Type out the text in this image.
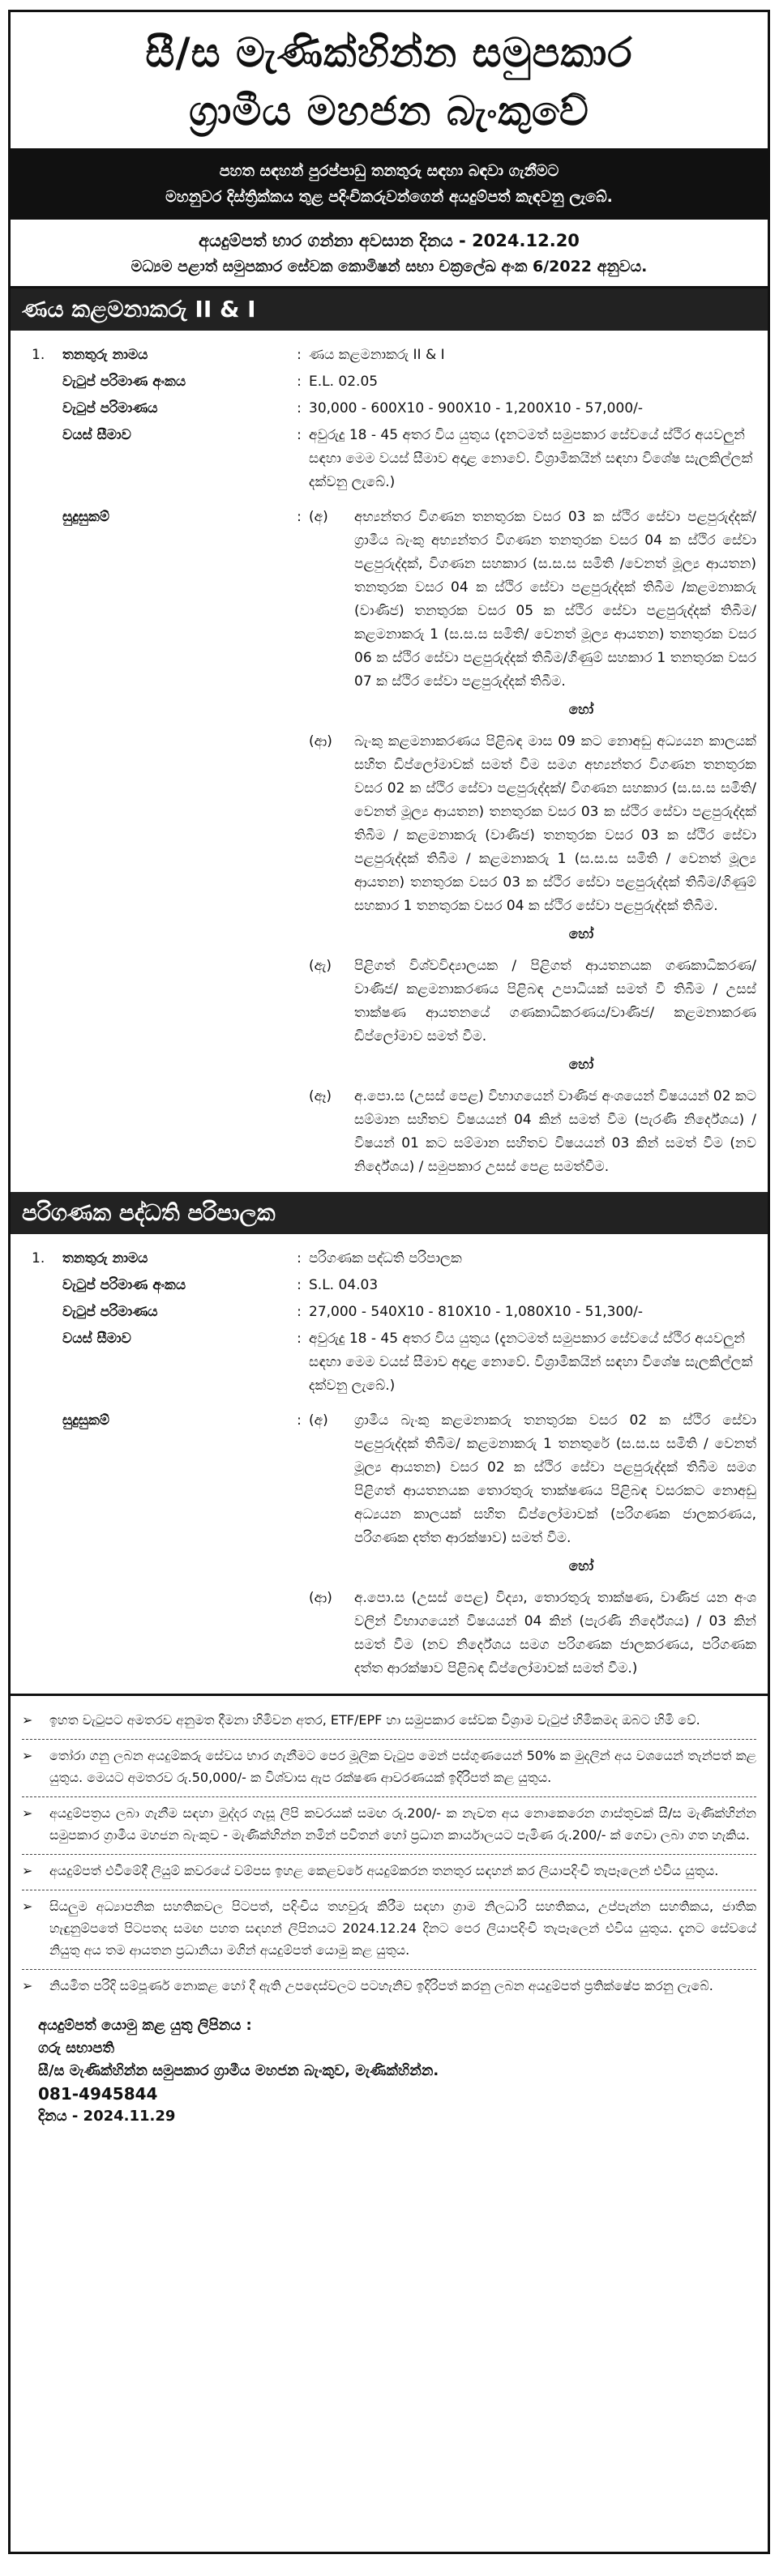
සී/ස මැණික්හින්න සමුපකාර
ග්‍රාමීය මහජන බැංකුවේ
පහත සඳහන් පුරප්පාඩු තනතුරු සඳහා බඳවා ගැනීමට
මහනුවර දිස්ත්‍රික්කය තුළ පදිංචිකරුවන්ගෙන් අයදුම්පත් කැඳවනු ලැබේ.
අයදුම්පත් භාර ගන්නා අවසාන දිනය - 2024.12.20
මධ්‍යම පළාත් සමුපකාර සේවක කොමිෂන් සභා චක්‍රලේඛ අංක 6/2022 අනුවය.
ණය කළමනාකරු II & I
1.	තනතුරු නාමය	: ණය කළමනාකරු II & I
වැටුප් පරිමාණ අංකය	: E.L. 02.05
වැටුප් පරිමාණය	: 30,000 - 600X10 - 900X10 - 1,200X10 - 57,000/-
වයස් සීමාව	: අවුරුදු 18 - 45 අතර විය යුතුය (දැනටමත් සමුපකාර සේවයේ ස්ථිර අයවලුන් සඳහා මෙම වයස් සීමාව අදාළ නොවේ. විශ්‍රාමිකයින් සඳහා විශේෂ සැලකිල්ලක් දක්වනු ලැබේ.)
සුදුසුකම්	: (අ)	අභ්‍යන්තර විගණන තනතුරක වසර 03 ක ස්ථිර සේවා පළපුරුද්දක්/ ග්‍රාමීය බැංකු අභ්‍යන්තර විගණන තනතුරක වසර 04 ක ස්ථිර සේවා පළපුරුද්දක්, විගණන සහකාර (ස.ස.ස සමිති /වෙනත් මූල්‍ය ආයතන) තනතුරක වසර 04 ක ස්ථිර සේවා පළපුරුද්දක් තිබීම /කළමනාකරු (වාණිජ) තනතුරක වසර 05 ක ස්ථිර සේවා පළපුරුද්දක් තිබීම/ කළමනාකරු 1 (ස.ස.ස සමිති/ වෙනත් මූල්‍ය ආයතන) තනතුරක වසර 06 ක ස්ථිර සේවා පළපුරුද්දක් තිබීම/ගිණුම් සහකාර 1 තනතුරක වසර 07 ක ස්ථිර සේවා පළපුරුද්දක් තිබීම.
හෝ
(ආ)	බැංකු කළමනාකරණය පිළිබඳ මාස 09 කට නොඅඩු අධ්‍යයන කාලයක් සහිත ඩිප්ලෝමාවක් සමත් වීම සමග අභ්‍යන්තර විගණන තනතුරක වසර 02 ක ස්ථිර සේවා පළපුරුද්දක්/ විගණන සහකාර (ස.ස.ස සමිති/වෙනත් මූල්‍ය ආයතන) තනතුරක වසර 03 ක ස්ථිර සේවා පළපුරුද්දක් තිබීම / කළමනාකරු (වාණිජ) තනතුරක වසර 03 ක ස්ථිර සේවා පළපුරුද්දක් තිබීම / කළමනාකරු 1 (ස.ස.ස සමිති / වෙනත් මූල්‍ය ආයතන) තනතුරක වසර 03 ක ස්ථිර සේවා පළපුරුද්දක් තිබීම/ගිණුම් සහකාර 1 තනතුරක වසර 04 ක ස්ථිර සේවා පළපුරුද්දක් තිබීම.
හෝ
(ඇ)	පිළිගත් විශ්වවිද්‍යාලයක / පිළිගත් ආයතනයක ගණකාධිකරණ/ වාණිජ/ කළමනාකරණය පිළිබඳ උපාධියක් සමත් වී තිබීම / උසස් තාක්ෂණ ආයතනයේ ගණකාධිකරණය/වාණිජ/ කළමනාකරණ ඩිප්ලෝමාව සමත් වීම.
හෝ
(ඈ)	අ.පො.ස (උසස් පෙළ) විභාගයෙන් වාණිජ අංශයෙන් විෂයයන් 02 කට සම්මාන සහිතව විෂයයන් 04 කින් සමත් වීම (පැරණි නිර්දේශය) / විෂයන් 01 කට සම්මාන සහිතව විෂයයන් 03 කින් සමත් වීම (නව නිර්දේශය) / සමුපකාර උසස් පෙළ සමත්වීම.
පරිගණක පද්ධති පරිපාලක
1.	තනතුරු නාමය	: පරිගණක පද්ධති පරිපාලක
වැටුප් පරිමාණ අංකය	: S.L. 04.03
වැටුප් පරිමාණය	: 27,000 - 540X10 - 810X10 - 1,080X10 - 51,300/-
වයස් සීමාව	: අවුරුදු 18 - 45 අතර විය යුතුය (දැනටමත් සමුපකාර සේවයේ ස්ථිර අයවලුන් සඳහා මෙම වයස් සීමාව අදාළ නොවේ. විශ්‍රාමිකයින් සඳහා විශේෂ සැලකිල්ලක් දක්වනු ලැබේ.)
සුදුසුකම්	: (අ)	ග්‍රාමීය බැංකු කළමනාකරු තනතුරක වසර 02 ක ස්ථිර සේවා පළපුරුද්දක් තිබීම/ කළමනාකරු 1 තනතුරේ (ස.ස.ස සමිති / වෙනත් මූල්‍ය ආයතන) වසර 02 ක ස්ථිර සේවා පළපුරුද්දක් තිබීම සමග පිළිගත් ආයතනයක තොරතුරු තාක්ෂණය පිළිබඳ වසරකට නොඅඩු අධ්‍යයන කාලයක් සහිත ඩිප්ලෝමාවක් (පරිගණක ජාලකරණය, පරිගණක දත්ත ආරක්ෂාව) සමත් වීම.
හෝ
(ආ)	අ.පො.ස (උසස් පෙළ) විද්‍යා, තොරතුරු තාක්ෂණ, වාණිජ යන අංශ වලින් විභාගයෙන් විෂයයන් 04 කින් (පැරණි නිර්දේශය) / 03 කින් සමත් වීම (නව නිර්දේශය සමග පරිගණක ජාලකරණය, පරිගණක දත්ත ආරක්ෂාව පිළිබඳ ඩිප්ලෝමාවක් සමත් වීම.)
➢	ඉහත වැටුපට අමතරව අනුමත දීමනා හිමිවන අතර, ETF/EPF හා සමුපකාර සේවක විශ්‍රාම වැටුප් හිමිකමද ඔබට හිමි වේ.
➢	තෝරා ගනු ලබන අයදුම්කරු සේවය භාර ගැනීමට පෙර මූලික වැටුප මෙන් පස්ගුණයෙන් 50% ක මුදලින් අය වශයෙන් තැන්පත් කළ යුතුය. මෙයට අමතරව රු.50,000/- ක විශ්වාස ඇප රක්ෂණ ආවරණයක් ඉදිරිපත් කළ යුතුය.
➢	අයදුම්පත්‍රය ලබා ගැනීම සඳහා මුද්දර ගැසූ ලිපි කවරයක් සමඟ රු.200/- ක නැවත අය නොකෙරෙන ගාස්තුවක් සී/ස මැණික්හින්න සමුපකාර ග්‍රාමීය මහජන බැංකුව - මැණික්හින්න නමින් පවිතන් හෝ ප්‍රධාන කාර්යාලයට පැමිණ රු.200/- ක් ගෙවා ලබා ගත හැකිය.
➢	අයදුම්පත් එවීමේදී ලියුම් කවරයේ වම්පස ඉහළ කෙළවරේ අයදුම්කරන තනතුර සඳහන් කර ලියාපදිංචි තැපෑලෙන් එවිය යුතුය.
➢	සියලුම අධ්‍යාපනික සහතිකවල පිටපත්, පදිංචිය තහවුරු කිරීම සඳහා ග්‍රාම නිලධාරි සහතිකය, උප්පැන්න සහතිකය, ජාතික හැඳුනුම්පතේ පිටපතද සමඟ පහත සඳහන් ලිපිනයට 2024.12.24 දිනට පෙර ලියාපදිංචි තැපෑලෙන් එවිය යුතුය. දැනට සේවයේ නියුතු අය තම ආයතන ප්‍රධානියා මගින් අයදුම්පත් යොමු කළ යුතුය.
➢	නියමිත පරිදි සම්පූර්ණ නොකළ හෝ දී ඇති උපදෙස්වලට පටහැනිව ඉදිරිපත් කරනු ලබන අයදුම්පත් ප්‍රතික්ෂේප කරනු ලැබේ.
අයදුම්පත් යොමු කළ යුතු ලිපිනය :
ගරු සභාපති
සී/ස මැණික්හින්න සමුපකාර ග්‍රාමීය මහජන බැංකුව, මැණික්හින්න.
081-4945844
දිනය - 2024.11.29
